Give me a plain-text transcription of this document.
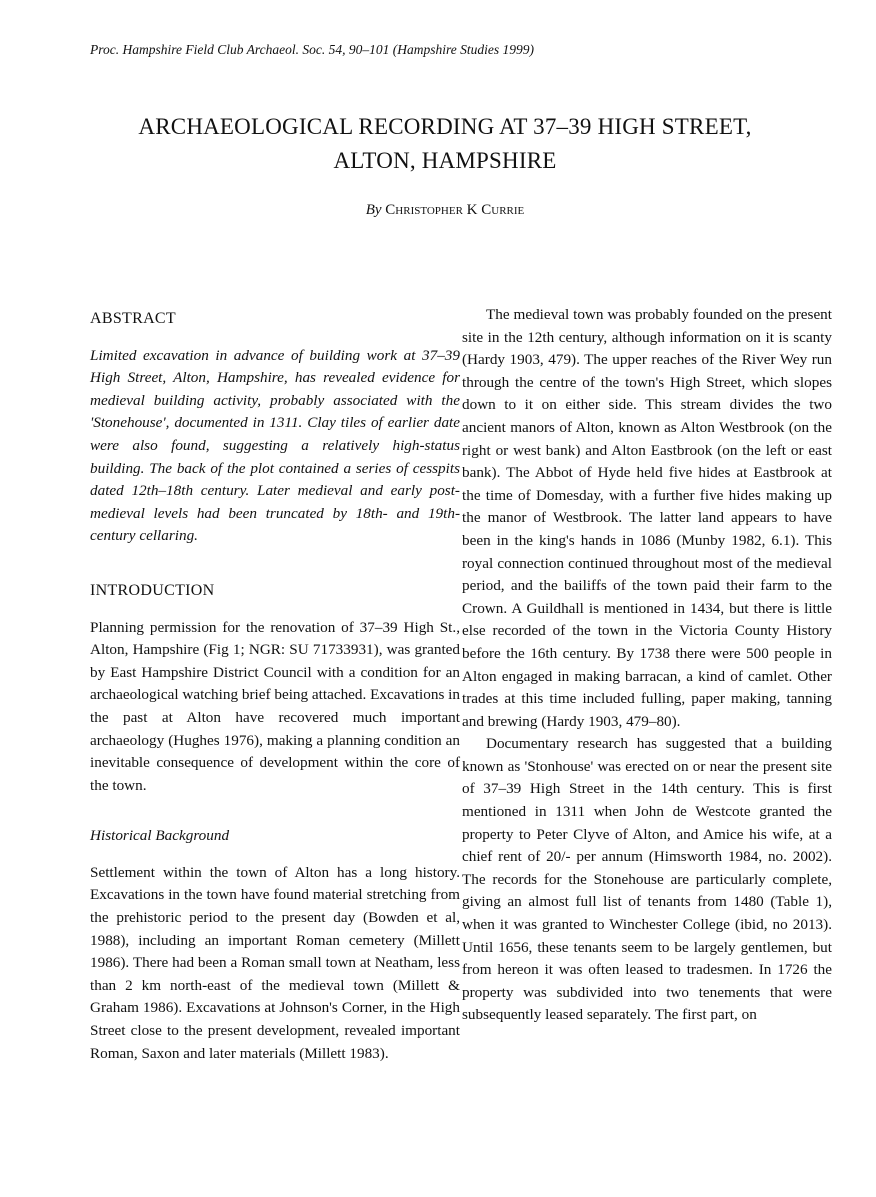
Proc. Hampshire Field Club Archaeol. Soc. 54, 90–101 (Hampshire Studies 1999)
ARCHAEOLOGICAL RECORDING AT 37–39 HIGH STREET,
ALTON, HAMPSHIRE
By Christopher K Currie
ABSTRACT

Limited excavation in advance of building work at 37–39 High Street, Alton, Hampshire, has revealed evidence for medieval building activity, probably associated with the 'Stonehouse', documented in 1311. Clay tiles of earlier date were also found, suggesting a relatively high-status building. The back of the plot contained a series of cesspits dated 12th–18th century. Later medieval and early post-medieval levels had been truncated by 18th- and 19th-century cellaring.

INTRODUCTION

Planning permission for the renovation of 37–39 High St., Alton, Hampshire (Fig 1; NGR: SU 71733931), was granted by East Hampshire District Council with a condition for an archaeological watching brief being attached. Excavations in the past at Alton have recovered much important archaeology (Hughes 1976), making a planning condition an inevitable consequence of development within the core of the town.

Historical Background

Settlement within the town of Alton has a long history. Excavations in the town have found material stretching from the prehistoric period to the present day (Bowden et al, 1988), including an important Roman cemetery (Millett 1986). There had been a Roman small town at Neatham, less than 2 km north-east of the medieval town (Millett & Graham 1986). Excavations at Johnson's Corner, in the High Street close to the present development, revealed important Roman, Saxon and later materials (Millett 1983).

The medieval town was probably founded on the present site in the 12th century, although information on it is scanty (Hardy 1903, 479). The upper reaches of the River Wey run through the centre of the town's High Street, which slopes down to it on either side. This stream divides the two ancient manors of Alton, known as Alton Westbrook (on the right or west bank) and Alton Eastbrook (on the left or east bank). The Abbot of Hyde held five hides at Eastbrook at the time of Domesday, with a further five hides making up the manor of Westbrook. The latter land appears to have been in the king's hands in 1086 (Munby 1982, 6.1). This royal connection continued throughout most of the medieval period, and the bailiffs of the town paid their farm to the Crown. A Guildhall is mentioned in 1434, but there is little else recorded of the town in the Victoria County History before the 16th century. By 1738 there were 500 people in Alton engaged in making barracan, a kind of camlet. Other trades at this time included fulling, paper making, tanning and brewing (Hardy 1903, 479–80).

Documentary research has suggested that a building known as 'Stonhouse' was erected on or near the present site of 37–39 High Street in the 14th century. This is first mentioned in 1311 when John de Westcote granted the property to Peter Clyve of Alton, and Amice his wife, at a chief rent of 20/- per annum (Himsworth 1984, no. 2002). The records for the Stonehouse are particularly complete, giving an almost full list of tenants from 1480 (Table 1), when it was granted to Winchester College (ibid, no 2013). Until 1656, these tenants seem to be largely gentlemen, but from hereon it was often leased to tradesmen. In 1726 the property was subdivided into two tenements that were subsequently leased separately. The first part, on
